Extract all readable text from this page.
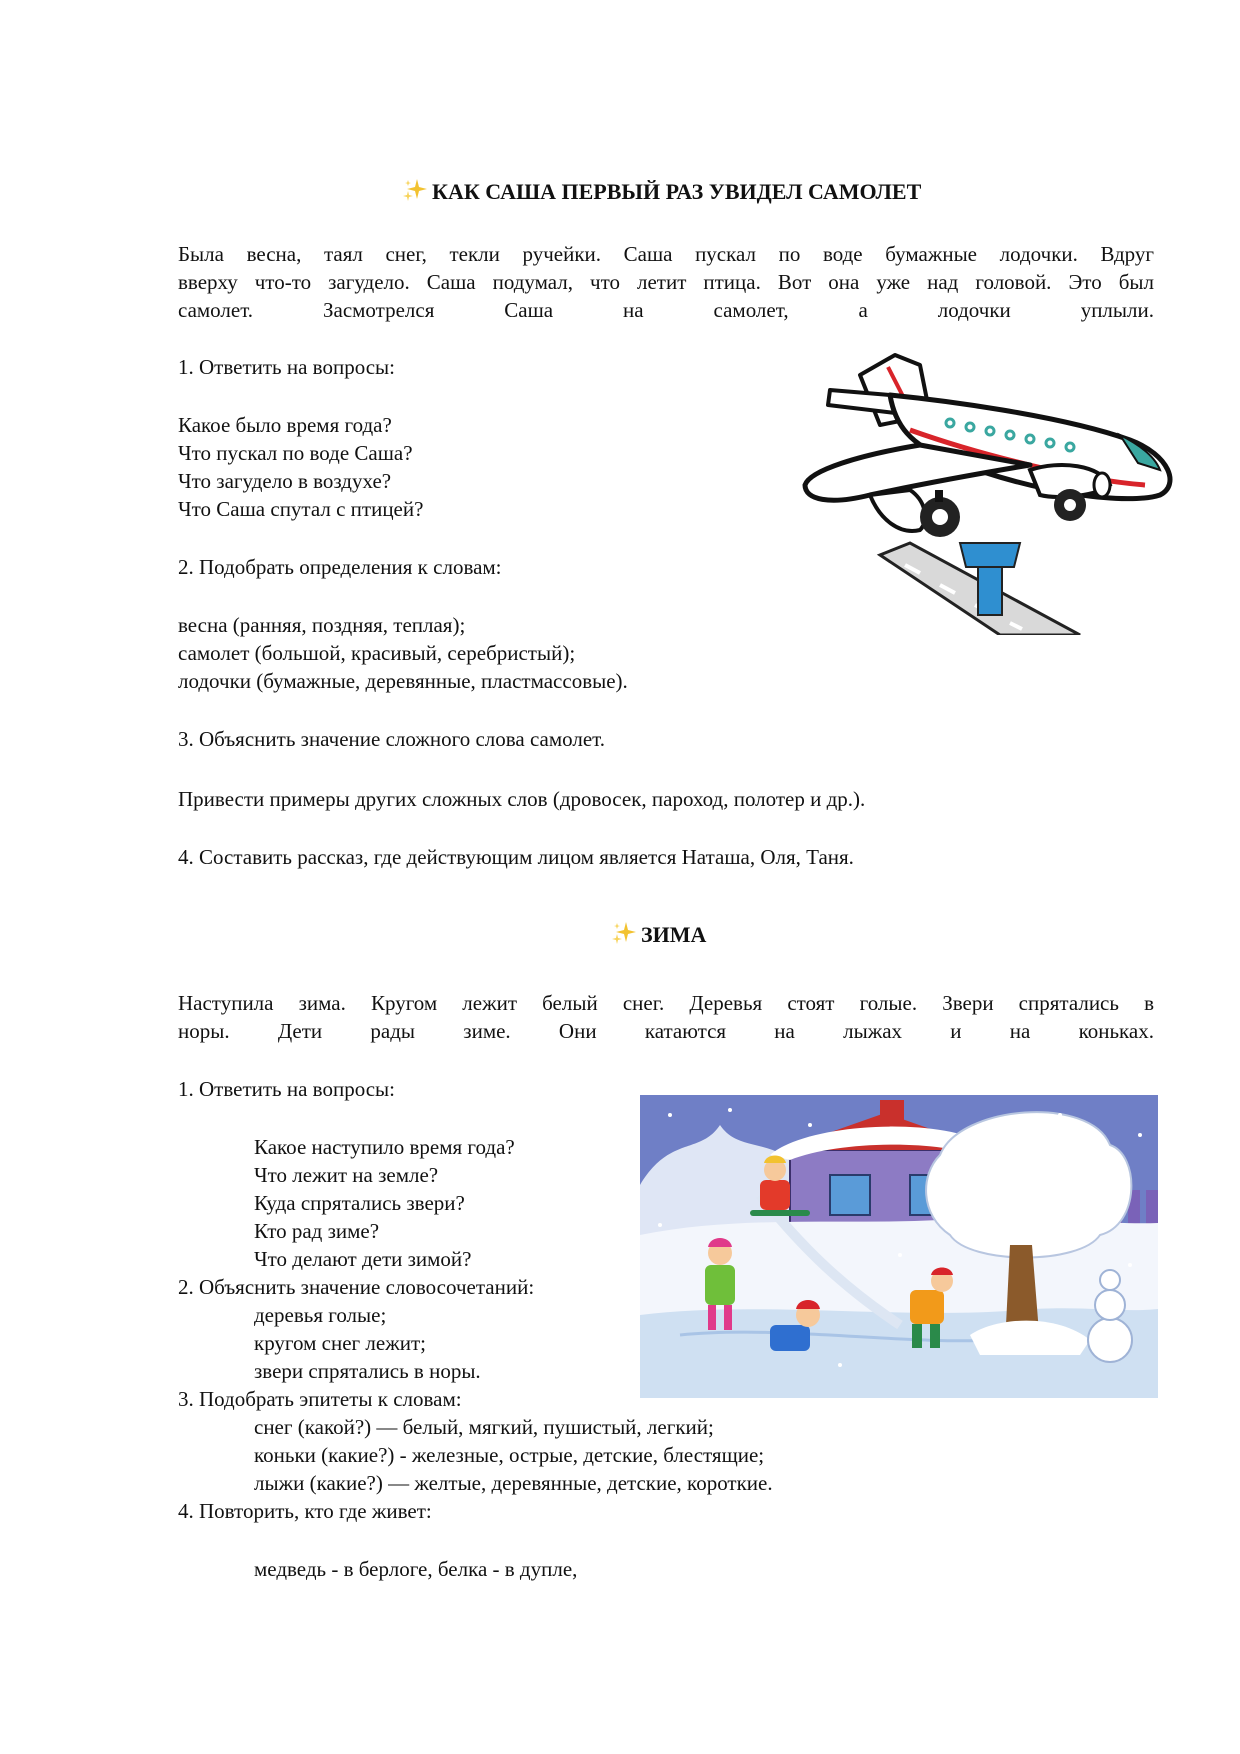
КАК САША ПЕРВЫЙ РАЗ УВИДЕЛ САМОЛЕТ
Была весна, таял снег, текли ручейки. Саша пускал по воде бумажные лодочки. Вдруг
вверху что-то загудело. Саша подумал, что летит птица. Вот она уже над головой. Это был
самолет. Засмотрелся Саша на самолет, а лодочки уплыли.
1. Ответить на вопросы:
Какое было время года?
Что пускал по воде Саша?
Что загудело в воздухе?
Что Саша спутал с птицей?
2. Подобрать определения к словам:
весна (ранняя, поздняя, теплая);
самолет (большой, красивый, серебристый);
лодочки (бумажные, деревянные, пластмассовые).
3. Объяснить значение сложного слова самолет.
Привести примеры других сложных слов (дровосек, пароход, полотер и др.).
4. Составить рассказ, где действующим лицом является Наташа, Оля, Таня.
ЗИМА
Наступила зима. Кругом лежит белый снег. Деревья стоят голые. Звери спрятались в
норы. Дети рады зиме. Они катаются на лыжах и на коньках.
1. Ответить на вопросы:
Какое наступило время года?
Что лежит на земле?
Куда спрятались звери?
Кто рад зиме?
Что делают дети зимой?
2. Объяснить значение словосочетаний:
деревья голые;
кругом снег лежит;
звери спрятались в норы.
3. Подобрать эпитеты к словам:
снег (какой?) — белый, мягкий, пушистый, легкий;
коньки (какие?) - железные, острые, детские, блестящие;
лыжи (какие?) — желтые, деревянные, детские, короткие.
4. Повторить, кто где живет:
медведь - в берлоге, белка - в дупле,
